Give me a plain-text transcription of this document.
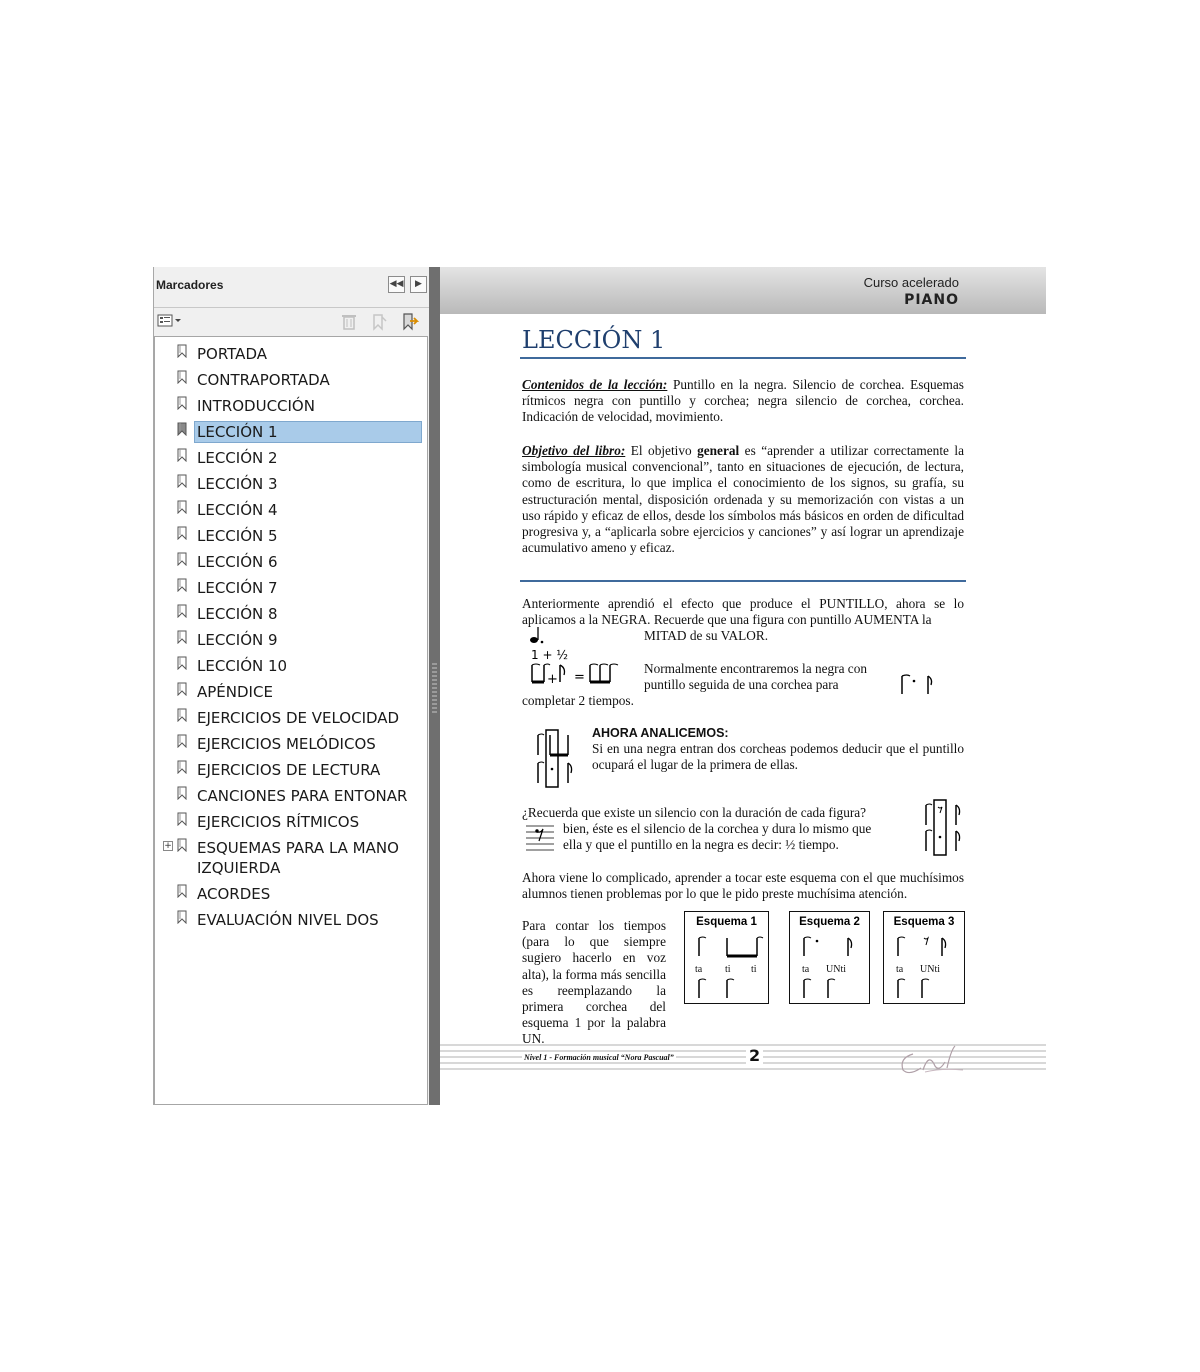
Marcadores	◀◀	▶
PORTADA
CONTRAPORTADA
INTRODUCCIÓN
LECCIÓN 1
LECCIÓN 2
LECCIÓN 3
LECCIÓN 4
LECCIÓN 5
LECCIÓN 6
LECCIÓN 7
LECCIÓN 8
LECCIÓN 9
LECCIÓN 10
APÉNDICE
EJERCICIOS DE VELOCIDAD
EJERCICIOS MELÓDICOS
EJERCICIOS DE LECTURA
CANCIONES PARA ENTONAR
EJERCICIOS RÍTMICOS
+ ESQUEMAS PARA LA MANO
IZQUIERDA
ACORDES
EVALUACIÓN NIVEL DOS
Curso acelerado
PIANO
LECCIÓN 1
Contenidos de la lección: Puntillo en la negra. Silencio de corchea. Esquemas rítmicos negra con puntillo y corchea; negra silencio de corchea, corchea. Indicación de velocidad, movimiento.
Objetivo del libro: El objetivo general es “aprender a utilizar correctamente la simbología musical convencional”, tanto en situaciones de ejecución, de lectura, como de escritura, lo que implica el conocimiento de los signos, su grafía, su estructuración mental, disposición ordenada y su memorización con vistas a un uso rápido y eficaz de ellos, desde los símbolos más básicos en orden de dificultad progresiva y, a “aplicarla sobre ejercicios y canciones” y así lograr un aprendizaje acumulativo ameno y eficaz.
Anteriormente aprendió el efecto que produce el PUNTILLO, ahora se lo aplicamos a la NEGRA. Recuerde que una figura con puntillo AUMENTA la
MITAD de su VALOR.
1 + ½
+ =
Normalmente encontraremos la negra con
puntillo seguida de una corchea para
completar 2 tiempos.
AHORA ANALICEMOS:
Si en una negra entran dos corcheas podemos deducir que el puntillo ocupará el lugar de la primera de ellas.
¿Recuerda que existe un silencio con la duración de cada figura?
bien, éste es el silencio de la corchea y dura lo mismo que
ella y que el puntillo en la negra es decir: ½ tiempo.
Ahora viene lo complicado, aprender a tocar este esquema con el que muchísimos alumnos tienen problemas por lo que le pido preste muchísima atención.
Para contar los tiempos (para lo que siempre sugiero hacerlo en voz alta), la forma más sencilla es reemplazando la primera corchea del esquema 1 por la palabra UN.
Esquema 1
ta ti ti
Esquema 2
ta UNti
Esquema 3
ta UNti
Nivel 1 - Formación musical “Nora Pascual”	2
